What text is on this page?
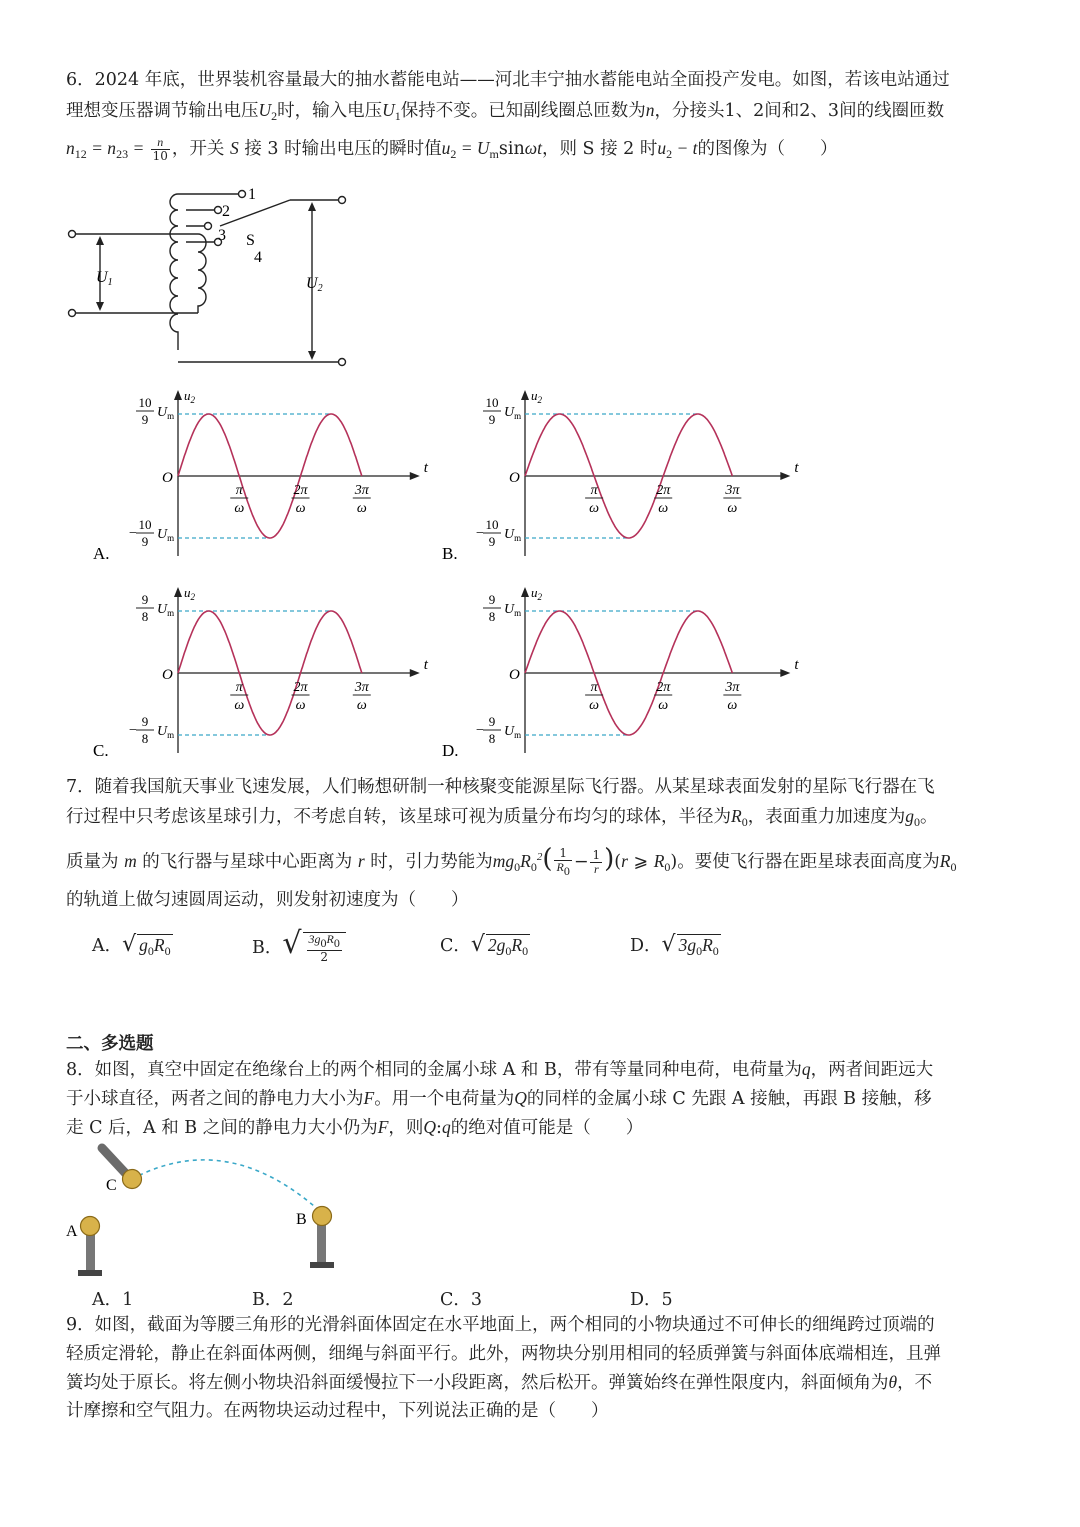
6．2024 年底，世界装机容量最大的抽水蓄能电站——河北丰宁抽水蓄能电站全面投产发电。如图，若该电站通过
理想变压器调节输出电压$U_2$时，输入电压$U_1$保持不变。已知副线圈总匝数为n，分接头1、2间和2、3间的线圈匝数
$n_{12} = n_{23} = \frac{n}{10}$ ，开关 S 接 3 时输出电压的瞬时值$u_2 = U_m\sin\omega t$，则 S 接 2 时$u_2 - t$的图像为（　　）
1
2
3
4
S
U1	U2
$u_2$
t
O
π
ω
2π
ω
3π
ω
10
9 $U_m$
−
10
9 $U_m$
A.
$u_2$
t
O
π
ω
2π
ω
3π
ω
10
9 $U_m$
−
10
9 $U_m$
B.
$u_2$
t
O
π
ω
2π
ω
3π
ω
9
8 $U_m$
−
9
8 $U_m$
C.
$u_2$
t
O
π
ω
2π
ω
3π
ω
9
8 $U_m$
−
9
8 $U_m$
D.
7．随着我国航天事业飞速发展，人们畅想研制一种核聚变能源星际飞行器。从某星球表面发射的星际飞行器在飞
行过程中只考虑该星球引力，不考虑自转，该星球可视为质量分布均匀的球体，半径为$R_0$，表面重力加速度为$g_0$。
质量为 m 的飞行器与星球中心距离为 r 时，引力势能为$mg_0R_0^2( \frac{1}{R0} - \frac{1}{r} )(r$ ⩾ $R_0$)。要使飞行器在距星球表面高度为$R_0$
的轨道上做匀速圆周运动，则发射初速度为（　　）
A．√ $g_0R_0$	B．√ $\frac{3g0R0}{2}$	C．√ $2g_0R_0$	D．√ $3g_0R_0$
二、多选题
8．如图，真空中固定在绝缘台上的两个相同的金属小球 A 和 B，带有等量同种电荷，电荷量为q，两者间距远大
于小球直径，两者之间的静电力大小为F。用一个电荷量为Q的同样的金属小球 C 先跟 A 接触，再跟 B 接触，移
走 C 后，A 和 B 之间的静电力大小仍为F，则Q:q的绝对值可能是（　　）
C
A
B
A．1	B．2	C．3	D．5
9．如图，截面为等腰三角形的光滑斜面体固定在水平地面上，两个相同的小物块通过不可伸长的细绳跨过顶端的
轻质定滑轮，静止在斜面体两侧，细绳与斜面平行。此外，两物块分别用相同的轻质弹簧与斜面体底端相连，且弹
簧均处于原长。将左侧小物块沿斜面缓慢拉下一小段距离，然后松开。弹簧始终在弹性限度内，斜面倾角为θ，不
计摩擦和空气阻力。在两物块运动过程中，下列说法正确的是（　　）
